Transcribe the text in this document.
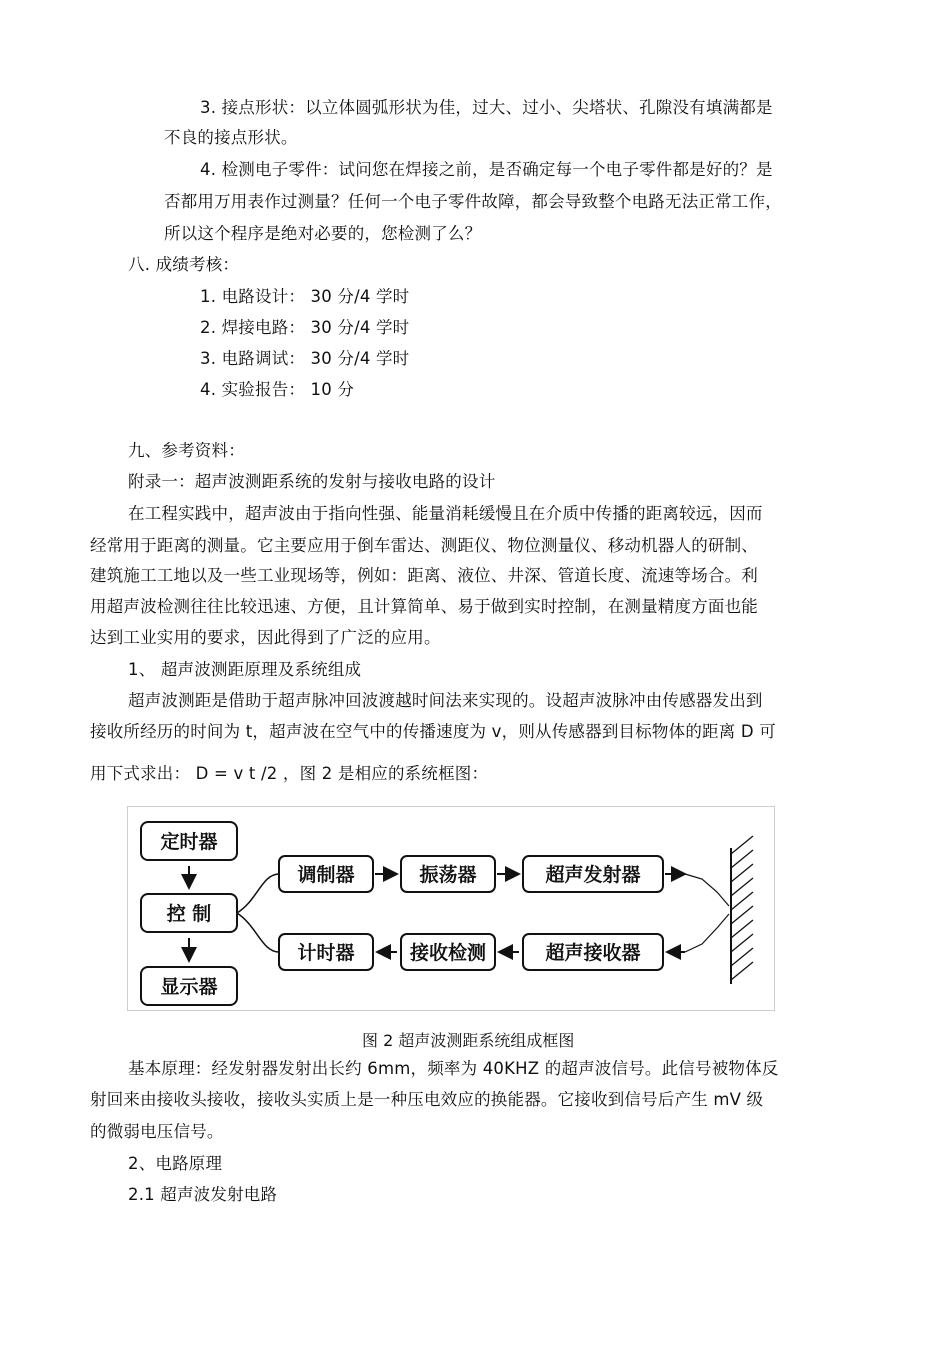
3. 接点形状：以立体圆弧形状为佳，过大、过小、尖塔状、孔隙没有填满都是
不良的接点形状。
4. 检测电子零件：试问您在焊接之前，是否确定每一个电子零件都是好的？是
否都用万用表作过测量？任何一个电子零件故障，都会导致整个电路无法正常工作，
所以这个程序是绝对必要的，您检测了么？
八. 成绩考核：
1. 电路设计： 30 分/4 学时
2. 焊接电路： 30 分/4 学时
3. 电路调试： 30 分/4 学时
4. 实验报告： 10 分
九、参考资料：
附录一：超声波测距系统的发射与接收电路的设计
在工程实践中，超声波由于指向性强、能量消耗缓慢且在介质中传播的距离较远，因而
经常用于距离的测量。它主要应用于倒车雷达、测距仪、物位测量仪、移动机器人的研制、
建筑施工工地以及一些工业现场等，例如：距离、液位、井深、管道长度、流速等场合。利
用超声波检测往往比较迅速、方便，且计算简单、易于做到实时控制，在测量精度方面也能
达到工业实用的要求，因此得到了广泛的应用。
1、 超声波测距原理及系统组成
超声波测距是借助于超声脉冲回波渡越时间法来实现的。设超声波脉冲由传感器发出到
接收所经历的时间为 t，超声波在空气中的传播速度为 v，则从传感器到目标物体的距离 D 可
用下式求出： D = v t /2 ，图 2 是相应的系统框图：
定时器
控 制
显示器
调制器	振荡器	超声发射器
计时器	接收检测	超声接收器
图 2 超声波测距系统组成框图
基本原理：经发射器发射出长约 6mm，频率为 40KHZ 的超声波信号。此信号被物体反
射回来由接收头接收，接收头实质上是一种压电效应的换能器。它接收到信号后产生 mV 级
的微弱电压信号。
2、电路原理
2.1 超声波发射电路
